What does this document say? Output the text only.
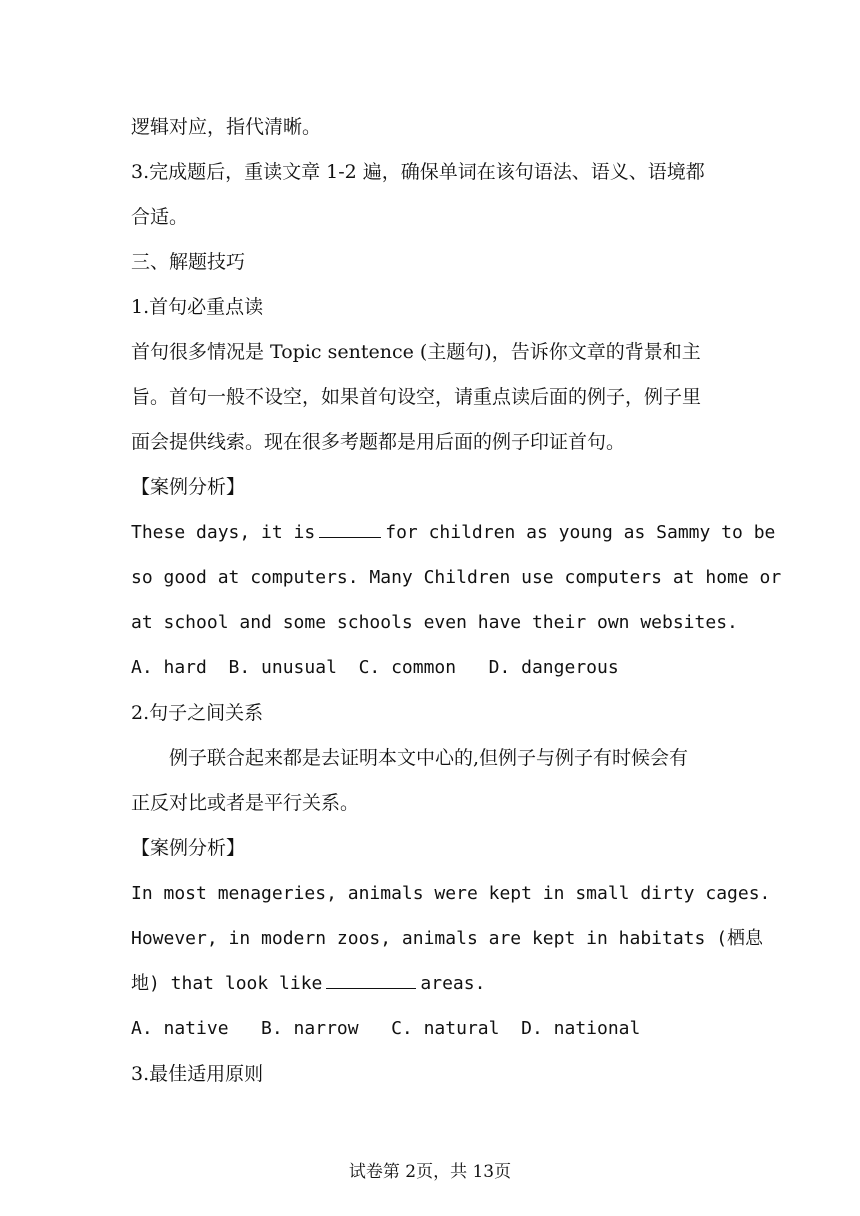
逻辑对应，指代清晰。
3.完成题后，重读文章 1-2 遍，确保单词在该句语法、语义、语境都
合适。
三、解题技巧
1.首句必重点读
首句很多情况是 Topic sentence (主题句)，告诉你文章的背景和主
旨。首句一般不设空，如果首句设空，请重点读后面的例子，例子里
面会提供线索。现在很多考题都是用后面的例子印证首句。
【案例分析】
These days, it is	for children as young as Sammy to be
so good at computers. Many Children use computers at home or
at school and some schools even have their own websites.
A. hard  B. unusual  C. common   D. dangerous
2.句子之间关系
例子联合起来都是去证明本文中心的,但例子与例子有时候会有
正反对比或者是平行关系。
【案例分析】
In most menageries, animals were kept in small dirty cages.
However, in modern zoos, animals are kept in habitats (栖息
地) that look like	areas.
A. native   B. narrow   C. natural  D. national
3.最佳适用原则
试卷第 2页，共 13页
